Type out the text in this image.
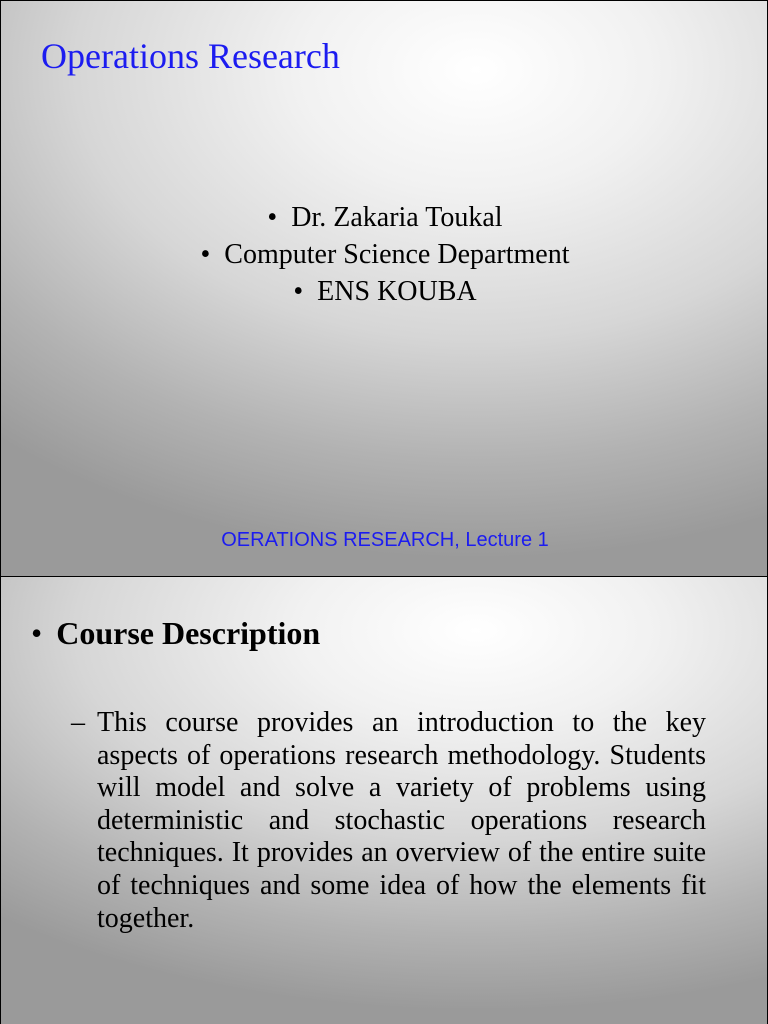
Operations Research
• Dr. Zakaria Toukal
• Computer Science Department
• ENS KOUBA
OERATIONS RESEARCH, Lecture 1
• Course Description
– This course provides an introduction to the key aspects of operations research methodology. Students will model and solve a variety of problems using deterministic and stochastic operations research techniques. It provides an overview of the entire suite of techniques and some idea of how the elements fit together.
